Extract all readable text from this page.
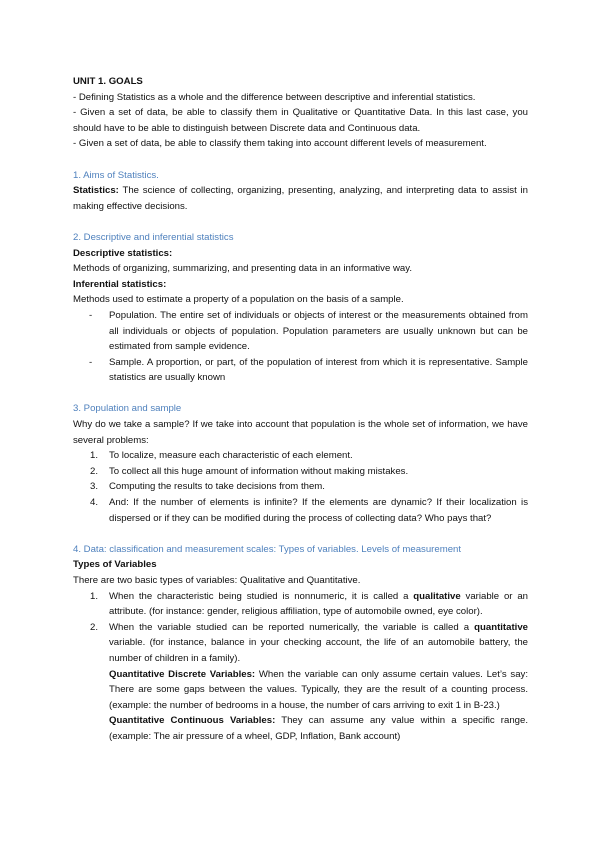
UNIT 1. GOALS

- Defining Statistics as a whole and the difference between descriptive and inferential statistics.

- Given a set of data, be able to classify them in Qualitative or Quantitative Data. In this last case, you should have to be able to distinguish between Discrete data and Continuous data.

- Given a set of data, be able to classify them taking into account different levels of measurement.

1. Aims of Statistics.

Statistics: The science of collecting, organizing, presenting, analyzing, and interpreting data to assist in making effective decisions.

2. Descriptive and inferential statistics

Descriptive statistics:

Methods of organizing, summarizing, and presenting data in an informative way.

Inferential statistics:

Methods used to estimate a property of a population on the basis of a sample.

- Population. The entire set of individuals or objects of interest or the measurements obtained from all individuals or objects of population. Population parameters are usually unknown but can be estimated from sample evidence.
- Sample. A proportion, or part, of the population of interest from which it is representative. Sample statistics are usually known
3. Population and sample

Why do we take a sample? If we take into account that population is the whole set of information, we have several problems:

1. To localize, measure each characteristic of each element.
2. To collect all this huge amount of information without making mistakes.
3. Computing the results to take decisions from them.
4. And: If the number of elements is infinite? If the elements are dynamic? If their localization is dispersed or if they can be modified during the process of collecting data? Who pays that?
4. Data: classification and measurement scales: Types of variables. Levels of measurement

Types of Variables

There are two basic types of variables: Qualitative and Quantitative.

1. When the characteristic being studied is nonnumeric, it is called a qualitative variable or an attribute. (for instance: gender, religious affiliation, type of automobile owned, eye color).
2. When the variable studied can be reported numerically, the variable is called a quantitative variable. (for instance, balance in your checking account, the life of an automobile battery, the number of children in a family).

Quantitative Discrete Variables: When the variable can only assume certain values. Let’s say: There are some gaps between the values. Typically, they are the result of a counting process. (example: the number of bedrooms in a house, the number of cars arriving to exit 1 in B-23.)

Quantitative Continuous Variables: They can assume any value within a specific range. (example: The air pressure of a wheel, GDP, Inflation, Bank account)
